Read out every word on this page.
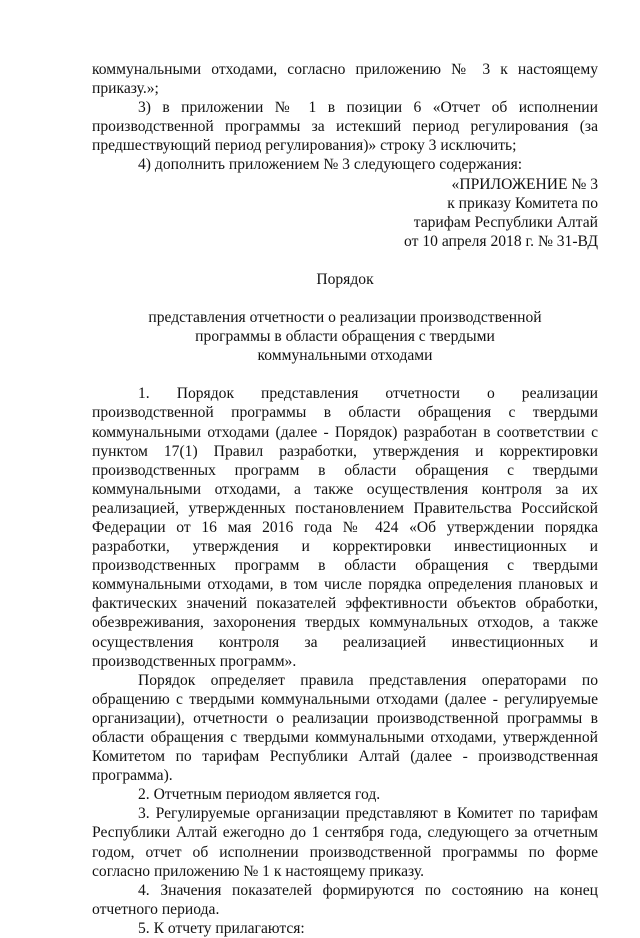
коммунальными отходами, согласно приложению № 3 к настоящему приказу.»;

3) в приложении № 1 в позиции 6 «Отчет об исполнении производственной программы за истекший период регулирования (за предшествующий период регулирования)» строку 3 исключить;

4) дополнить приложением № 3 следующего содержания:

«ПРИЛОЖЕНИЕ № 3
к приказу Комитета по
тарифам Республики Алтай
от 10 апреля 2018 г. № 31-ВД
Порядок
представления отчетности о реализации производственной
программы в области обращения с твердыми
коммунальными отходами

1. Порядок представления отчетности о реализации производственной программы в области обращения с твердыми коммунальными отходами (далее - Порядок) разработан в соответствии с пунктом 17(1) Правил разработки, утверждения и корректировки производственных программ в области обращения с твердыми коммунальными отходами, а также осуществления контроля за их реализацией, утвержденных постановлением Правительства Российской Федерации от 16 мая 2016 года № 424 «Об утверждении порядка разработки, утверждения и корректировки инвестиционных и производственных программ в области обращения с твердыми коммунальными отходами, в том числе порядка определения плановых и фактических значений показателей эффективности объектов обработки, обезвреживания, захоронения твердых коммунальных отходов, а также осуществления контроля за реализацией инвестиционных и производственных программ».

Порядок определяет правила представления операторами по обращению с твердыми коммунальными отходами (далее - регулируемые организации), отчетности о реализации производственной программы в области обращения с твердыми коммунальными отходами, утвержденной Комитетом по тарифам Республики Алтай (далее - производственная программа).

2. Отчетным периодом является год.

3. Регулируемые организации представляют в Комитет по тарифам Республики Алтай ежегодно до 1 сентября года, следующего за отчетным годом, отчет об исполнении производственной программы по форме согласно приложению № 1 к настоящему приказу.

4. Значения показателей формируются по состоянию на конец отчетного периода.

5. К отчету прилагаются:
